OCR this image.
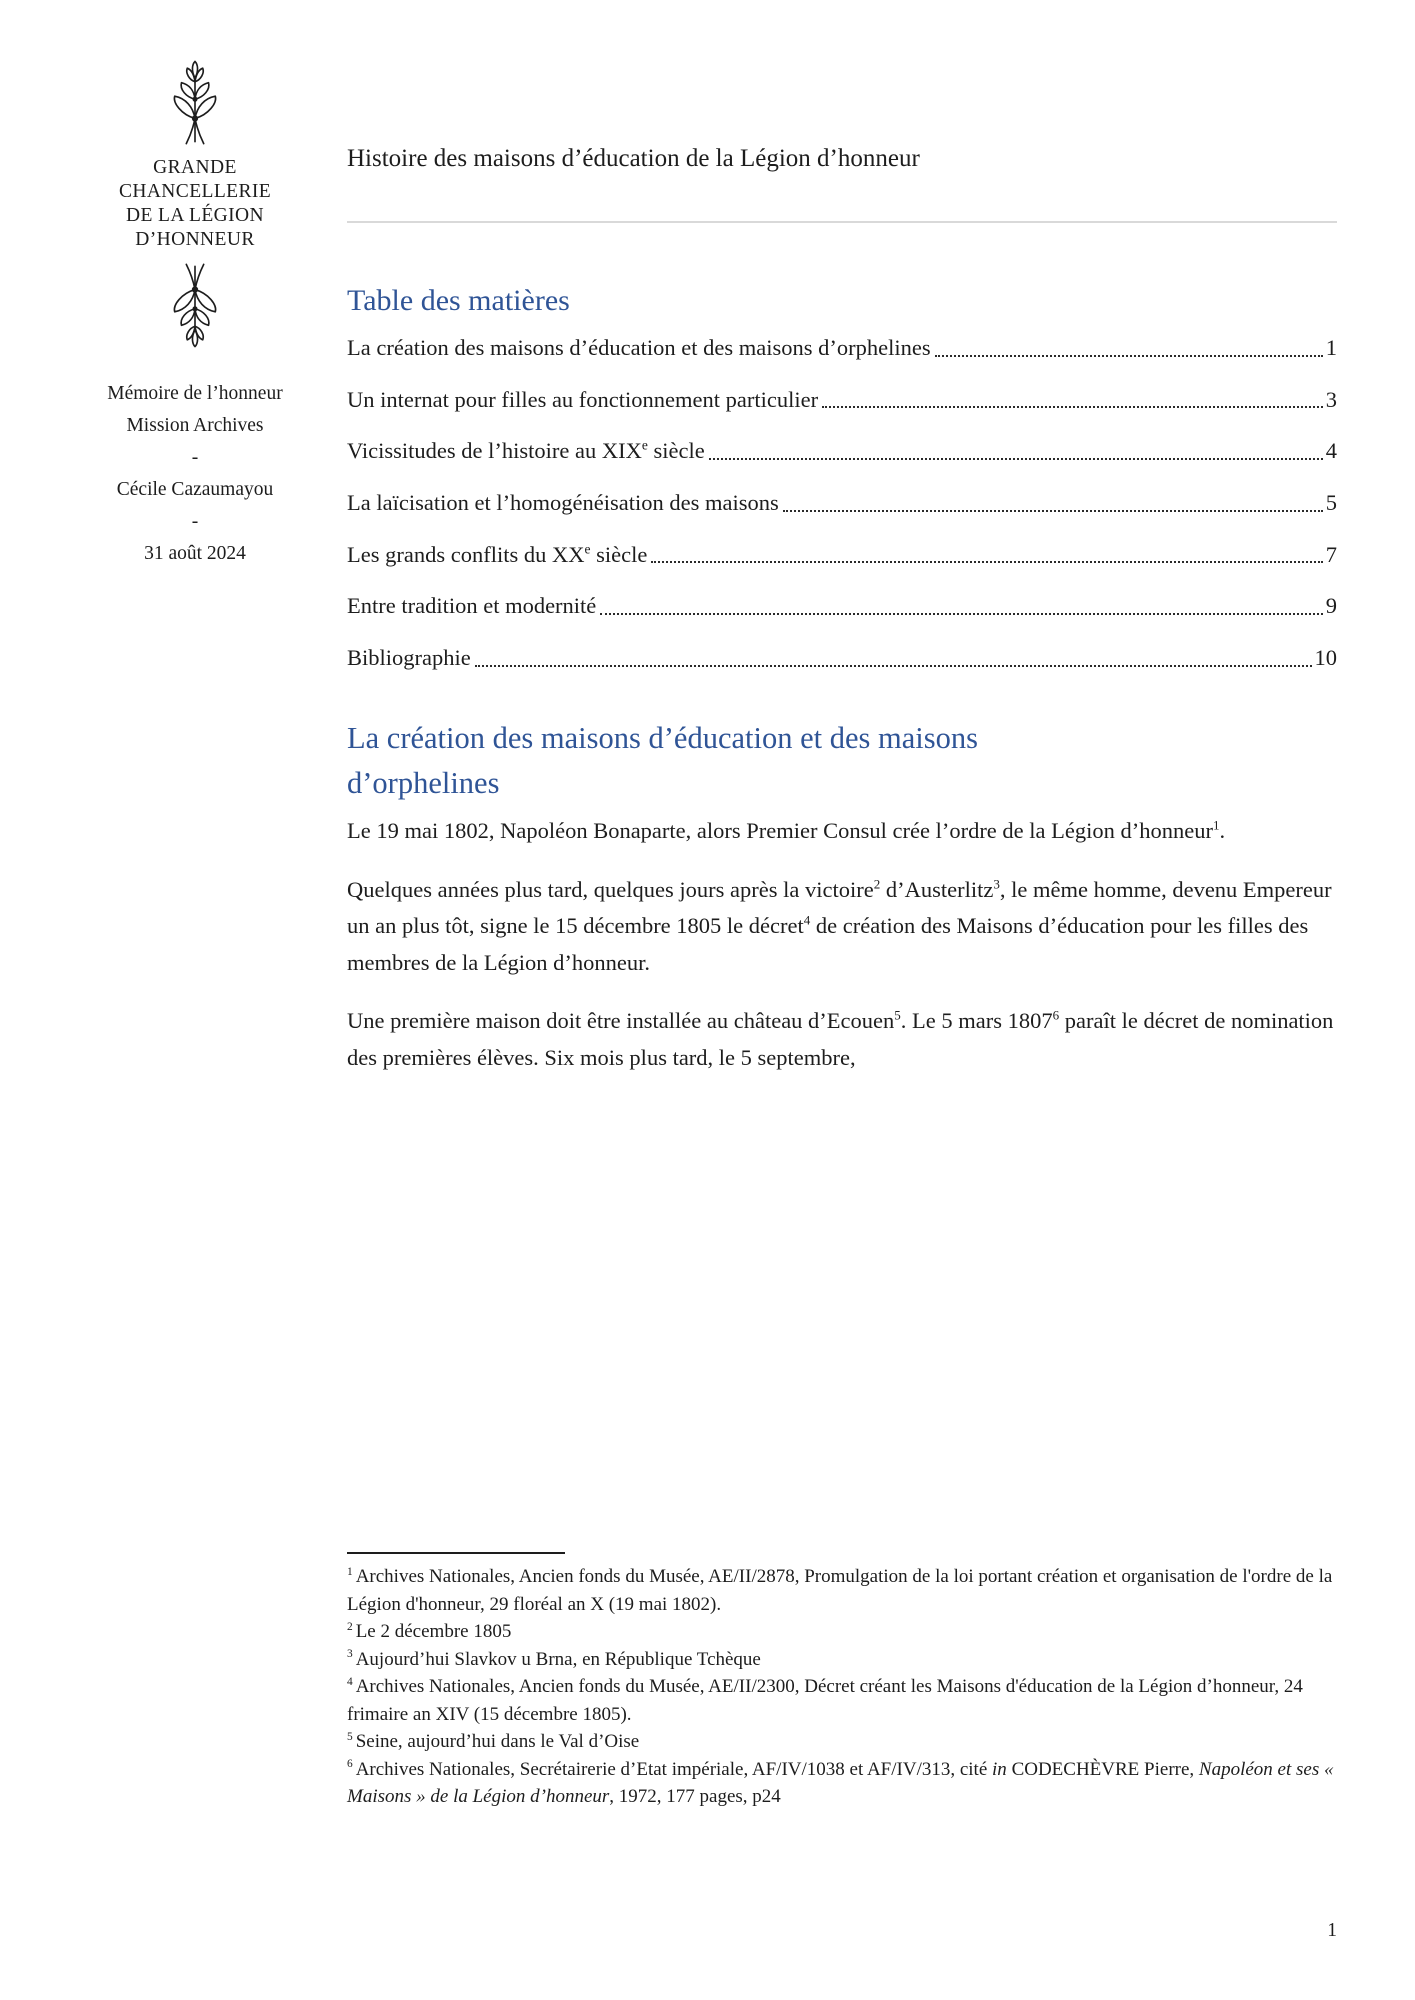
GRANDE
CHANCELLERIE
DE LA LÉGION
D’HONNEUR
Mémoire de l’honneur
Mission Archives
-
Cécile Cazaumayou
-
31 août 2024
Histoire des maisons d’éducation de la Légion d’honneur
Table des matières
La création des maisons d’éducation et des maisons d’orphelines	1
Un internat pour filles au fonctionnement particulier	3
Vicissitudes de l’histoire au XIXe siècle	4
La laïcisation et l’homogénéisation des maisons	5
Les grands conflits du XXe siècle	7
Entre tradition et modernité	9
Bibliographie	10
La création des maisons d’éducation et des maisons
d’orphelines

Le 19 mai 1802, Napoléon Bonaparte, alors Premier Consul crée l’ordre de la Légion d’honneur$^1$.

Quelques années plus tard, quelques jours après la victoire$^2$ d’Austerlitz$^3$, le même homme, devenu Empereur un an plus tôt, signe le 15 décembre 1805 le décret$^4$ de création des Maisons d’éducation pour les filles des membres de la Légion d’honneur.

Une première maison doit être installée au château d’Ecouen$^5$. Le 5 mars 1807$^6$ paraît le décret de nomination des premières élèves. Six mois plus tard, le 5 septembre,

$^1$ Archives Nationales, Ancien fonds du Musée, AE/II/2878, Promulgation de la loi portant création et organisation de l'ordre de la Légion d'honneur, 29 floréal an X (19 mai 1802).
$^2$ Le 2 décembre 1805
$^3$ Aujourd’hui Slavkov u Brna, en République Tchèque
$^4$ Archives Nationales, Ancien fonds du Musée, AE/II/2300, Décret créant les Maisons d'éducation de la Légion d’honneur, 24 frimaire an XIV (15 décembre 1805).
$^5$ Seine, aujourd’hui dans le Val d’Oise
$^6$ Archives Nationales, Secrétairerie d’Etat impériale, AF/IV/1038 et AF/IV/313, cité in CODECHÈVRE Pierre, Napoléon et ses « Maisons » de la Légion d’honneur, 1972, 177 pages, p24
1
